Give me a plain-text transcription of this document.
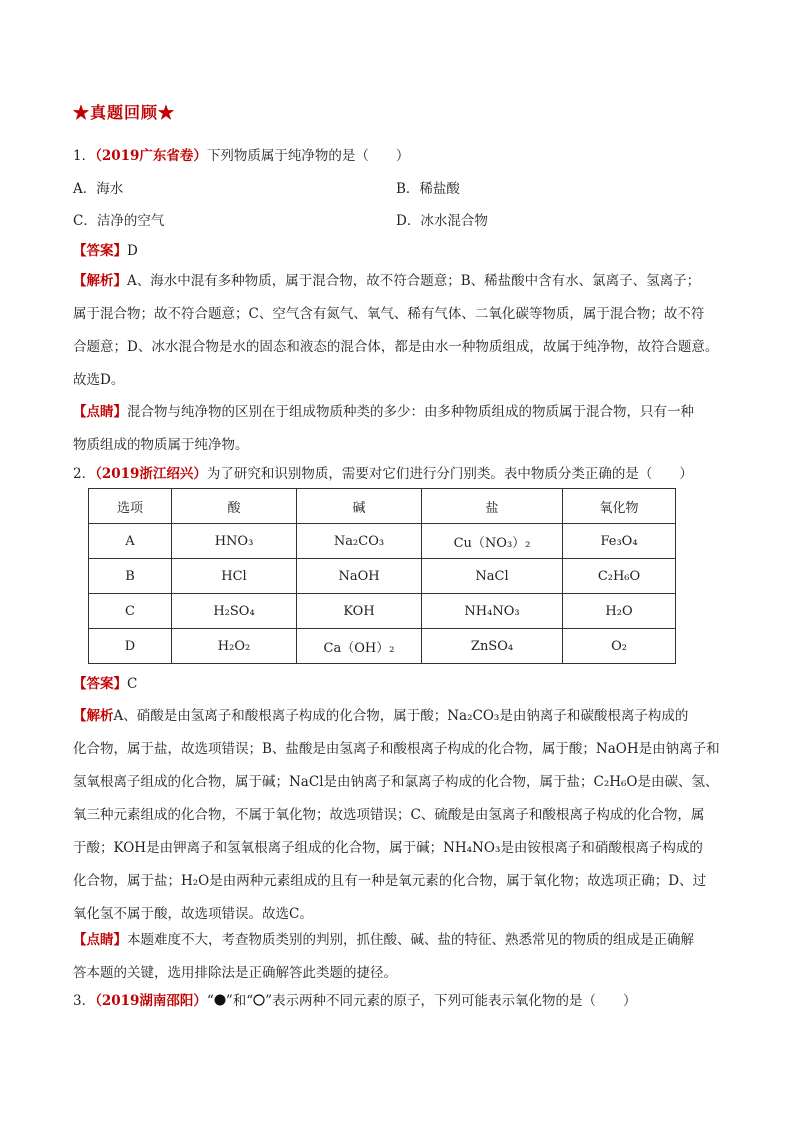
★真题回顾★
1．（2019广东省卷）下列物质属于纯净物的是（　　）
A．海水	B．稀盐酸
C．洁净的空气	D．冰水混合物
【答案】D
【解析】A、海水中混有多种物质，属于混合物，故不符合题意；B、稀盐酸中含有水、氯离子、氢离子；
属于混合物；故不符合题意；C、空气含有氮气、氧气、稀有气体、二氧化碳等物质，属于混合物；故不符
合题意；D、冰水混合物是水的固态和液态的混合体，都是由水一种物质组成，故属于纯净物，故符合题意。
故选D。
【点睛】混合物与纯净物的区别在于组成物质种类的多少：由多种物质组成的物质属于混合物，只有一种
物质组成的物质属于纯净物。
2．（2019浙江绍兴）为了研究和识别物质，需要对它们进行分门别类。表中物质分类正确的是（　　）
选项	酸	碱	盐	氧化物
A	HNO₃	Na₂CO₃	Cu（NO₃）₂	Fe₃O₄
B	HCl	NaOH	NaCl	C₂H₆O
C	H₂SO₄	KOH	NH₄NO₃	H₂O
D	H₂O₂	Ca（OH）₂	ZnSO₄	O₂
【答案】C
【解析A、硝酸是由氢离子和酸根离子构成的化合物，属于酸；Na₂CO₃是由钠离子和碳酸根离子构成的
化合物，属于盐，故选项错误；B、盐酸是由氢离子和酸根离子构成的化合物，属于酸；NaOH是由钠离子和
氢氧根离子组成的化合物，属于碱；NaCl是由钠离子和氯离子构成的化合物，属于盐；C₂H₆O是由碳、氢、
氧三种元素组成的化合物，不属于氧化物；故选项错误；C、硫酸是由氢离子和酸根离子构成的化合物，属
于酸；KOH是由钾离子和氢氧根离子组成的化合物，属于碱；NH₄NO₃是由铵根离子和硝酸根离子构成的
化合物，属于盐；H₂O是由两种元素组成的且有一种是氧元素的化合物，属于氧化物；故选项正确；D、过
氧化氢不属于酸，故选项错误。故选C。
【点睛】本题难度不大，考查物质类别的判别，抓住酸、碱、盐的特征、熟悉常见的物质的组成是正确解
答本题的关键，选用排除法是正确解答此类题的捷径。
3．（2019湖南邵阳）“ ”和“ ”表示两种不同元素的原子，下列可能表示氧化物的是（　　）
